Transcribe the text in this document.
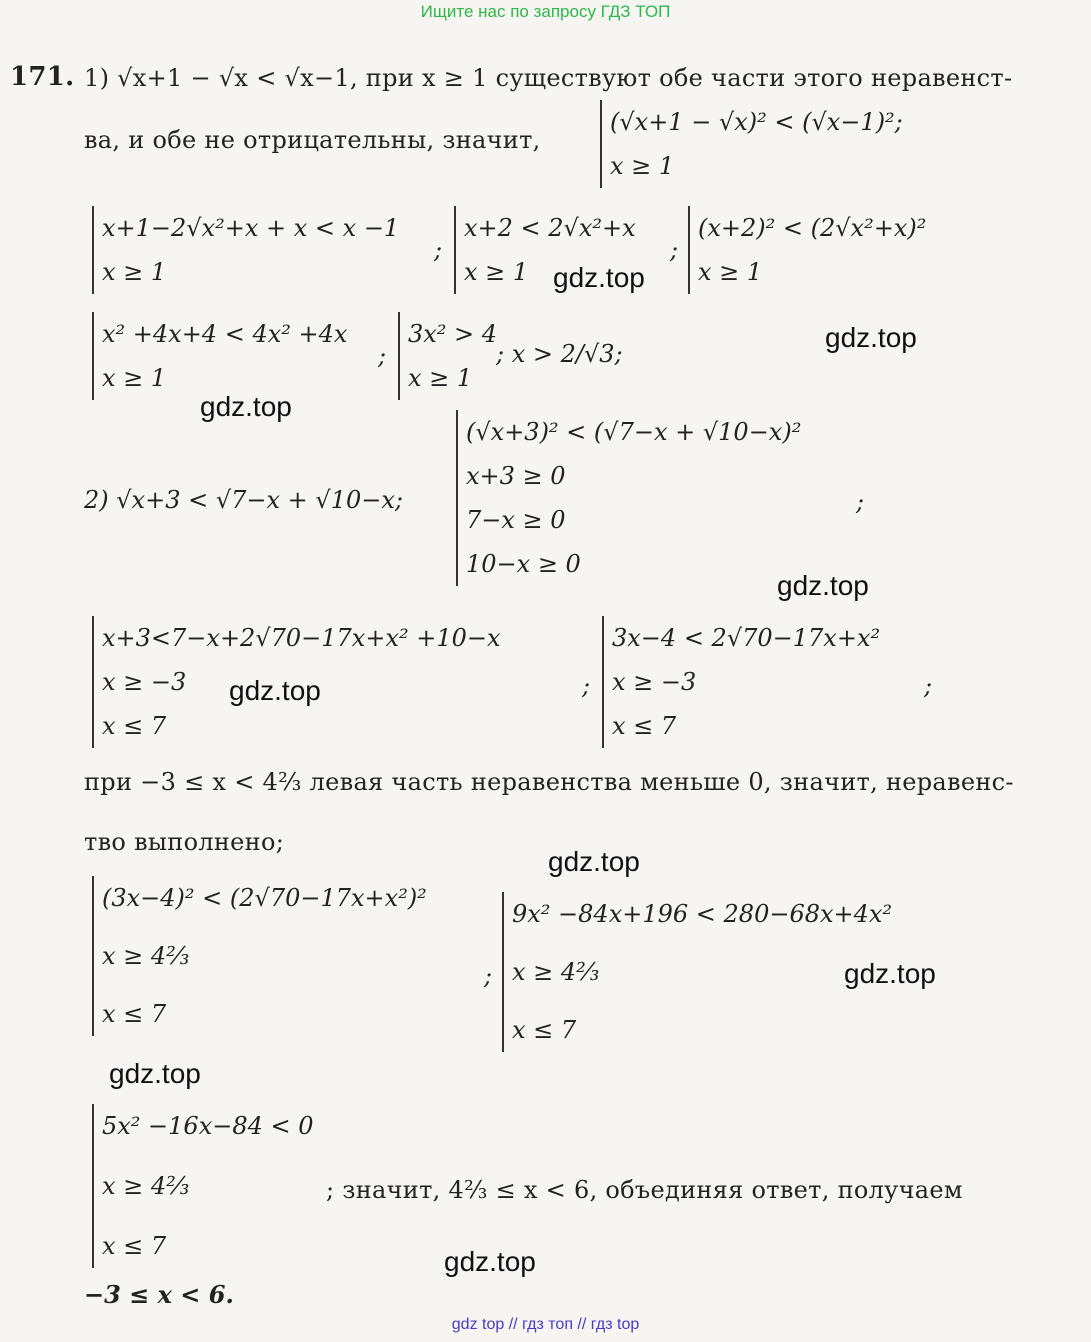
Ищите нас по запросу ГДЗ ТОП
171. 1) √x+1 − √x < √x−1, при x ≥ 1 существуют обе части этого неравенст-
ва, и обе не отрицательны, значит,
(√x+1 − √x)² < (√x−1)²;
x ≥ 1
x+1−2√x²+x + x < x −1
x ≥ 1
;
x+2 < 2√x²+x
x ≥ 1
;
(x+2)² < (2√x²+x)²
x ≥ 1
x² +4x+4 < 4x² +4x
x ≥ 1
;
3x² > 4
x ≥ 1
; x > 2/√3;
2) √x+3 < √7−x + √10−x;
(√x+3)² < (√7−x + √10−x)²
x+3 ≥ 0
7−x ≥ 0
10−x ≥ 0
;
x+3<7−x+2√70−17x+x² +10−x
x ≥ −3
x ≤ 7
;
3x−4 < 2√70−17x+x²
x ≥ −3
x ≤ 7
;
при −3 ≤ x < 4⅔ левая часть неравенства меньше 0, значит, неравенс-
тво выполнено;
(3x−4)² < (2√70−17x+x²)²
x ≥ 4⅔
x ≤ 7
;
9x² −84x+196 < 280−68x+4x²
x ≥ 4⅔
x ≤ 7
5x² −16x−84 < 0
x ≥ 4⅔
x ≤ 7
; значит, 4⅔ ≤ x < 6, объединяя ответ, получаем
−3 ≤ x < 6.
gdz.top
gdz.top
gdz.top
gdz.top
gdz.top
gdz.top
gdz.top
gdz.top
gdz.top
gdz top // гдз топ // гдз top
